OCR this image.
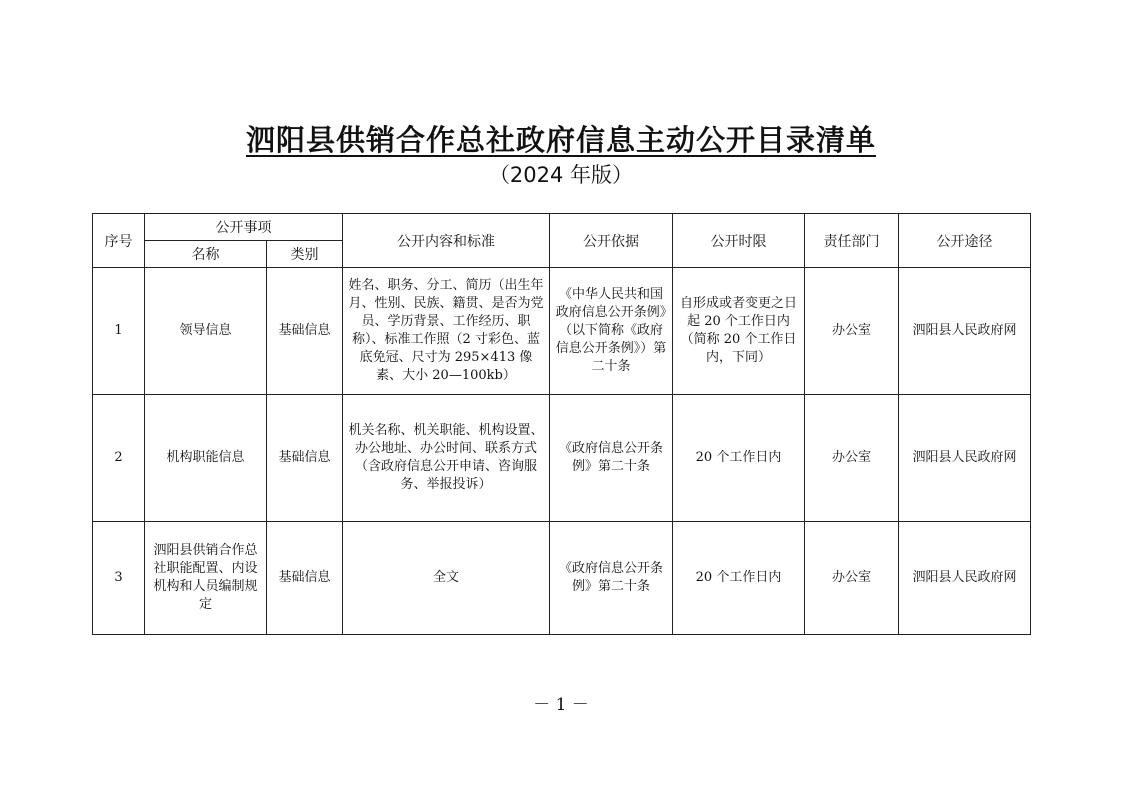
泗阳县供销合作总社政府信息主动公开目录清单

（2024 年版）

序号	公开事项		公开内容和标准	公开依据	公开时限	责任部门	公开途径
	名称	类别					
1	领导信息	基础信息	姓名、职务、分工、简历（出生年月、性别、民族、籍贯、是否为党员、学历背景、工作经历、职称）、标准工作照（2 寸彩色、蓝底免冠、尺寸为 295×413 像素、大小 20—100kb）	《中华人民共和国政府信息公开条例》（以下简称《政府信息公开条例》）第二十条	自形成或者变更之日起 20 个工作日内（简称 20 个工作日内，下同）	办公室	泗阳县人民政府网
2	机构职能信息	基础信息	机关名称、机关职能、机构设置、办公地址、办公时间、联系方式（含政府信息公开申请、咨询服务、举报投诉）	《政府信息公开条例》第二十条	20 个工作日内	办公室	泗阳县人民政府网
3	泗阳县供销合作总社职能配置、内设机构和人员编制规定	基础信息	全文	《政府信息公开条例》第二十条	20 个工作日内	办公室	泗阳县人民政府网

－ 1 －
